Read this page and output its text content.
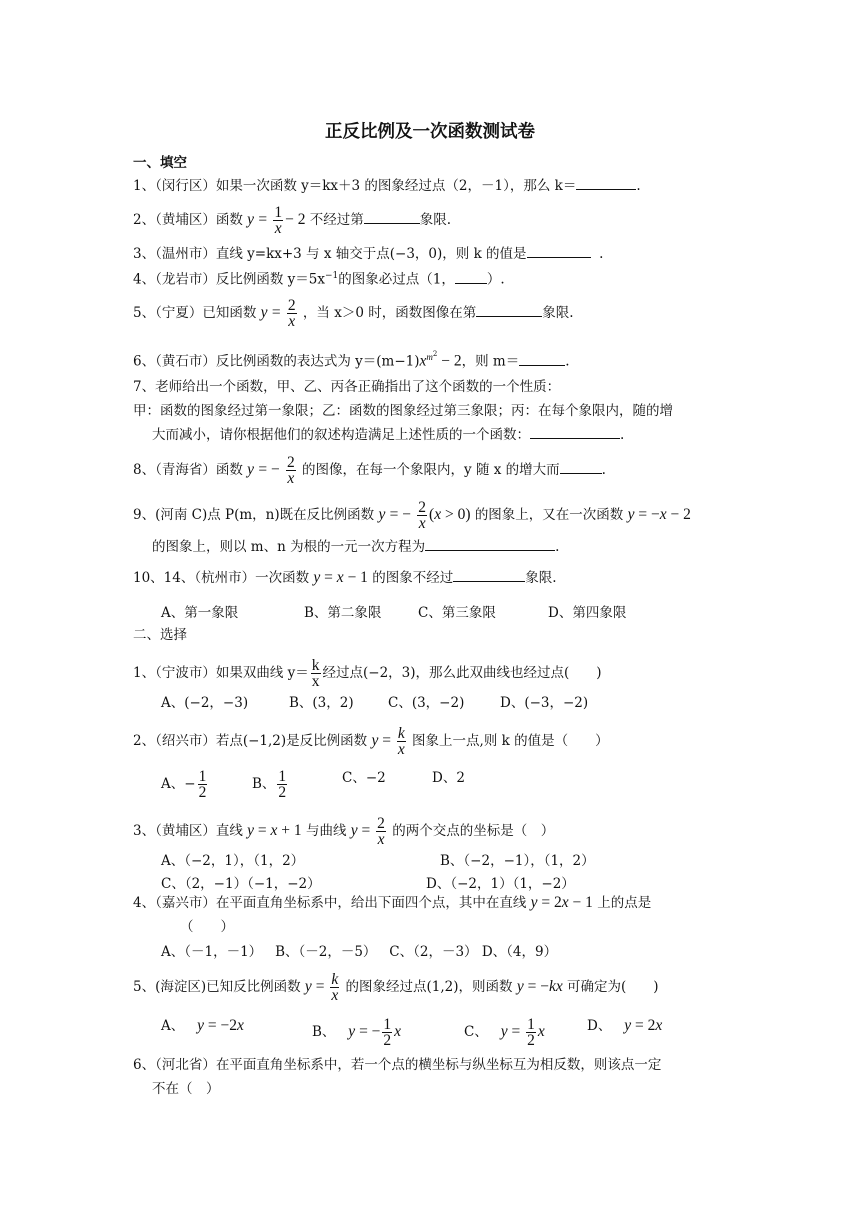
正反比例及一次函数测试卷
一、填空
1、（闵行区）如果一次函数 y＝kx＋3 的图象经过点（2，－1），那么 k＝	.
2、（黄埔区）函数 $y = \frac{1}{x} - 2$ 不经过第	象限.
3、（温州市）直线 y=kx+3 与 x 轴交于点(−3，0)，则 k 的值是	.
4、（龙岩市）反比例函数 $y=5x^{-1}$的图象必过点（1， ）.
5、（宁夏）已知函数 $y = \frac{2}{x}$ ，当 x＞0 时，函数图像在第	象限.
6、（黄石市）反比例函数的表达式为 $y=(m-1)x^{m^2} - 2$，则 m＝	.
7、老师给出一个函数，甲、乙、丙各正确指出了这个函数的一个性质：
甲：函数的图象经过第一象限；乙：函数的图象经过第三象限；丙：在每个象限内，随的增
大而减小，请你根据他们的叙述构造满足上述性质的一个函数：	.
8、（青海省）函数 y = − $\frac{2}{x}$ 的图像，在每一个象限内，y 随 x 的增大而	.
9、(河南 C)点 P(m，n)既在反比例函数 y = − $\frac{2}{x} (x > 0)$ 的图象上，又在一次函数 y = −x − 2
的图象上，则以 m、n 为根的一元一次方程为	.
10、14、（杭州市）一次函数 y = x − 1 的图象不经过	象限.
A、第一象限	B、第二象限	C、第三象限	D、第四象限
二、选择
1、（宁波市）如果双曲线 $y= \frac{k}{x}$ 经过点(−2，3)，那么此双曲线也经过点(　　)
A、(−2，−3)	B、(3，2)	C、(3，−2)	D、(−3，−2)
2、（绍兴市）若点(−1,2)是反比例函数 $y = \frac{k}{x}$ 图象上一点,则 k 的值是（　　）
A、− $\frac{1}{2}$	B、 $\frac{1}{2}$	C、−2	D、2
3、（黄埔区）直线 y = x + 1 与曲线 $y = \frac{2}{x}$ 的两个交点的坐标是（　）
A、（−2，1），（1，2）	B、（−2，−1），（1，2）
C、（2，−1）（−1，−2）	D、（−2，1）（1，−2）
4、（嘉兴市）在平面直角坐标系中，给出下面四个点，其中在直线 y = 2x − 1 上的点是
（　　）
A、（－1，－1） B、（－2，－5） C、（2，－3） D、（4，9）
5、(海淀区)已知反比例函数 $y = \frac{k}{x}$ 的图象经过点(1,2)，则函数 y = −kx 可确定为(　　)
A、 y = −2x	B、 y = − $\frac{1}{2}$ x	C、 $y = \frac{1}{2}$ x	D、 y = 2x
6、（河北省）在平面直角坐标系中，若一个点的横坐标与纵坐标互为相反数，则该点一定
不在（　）
